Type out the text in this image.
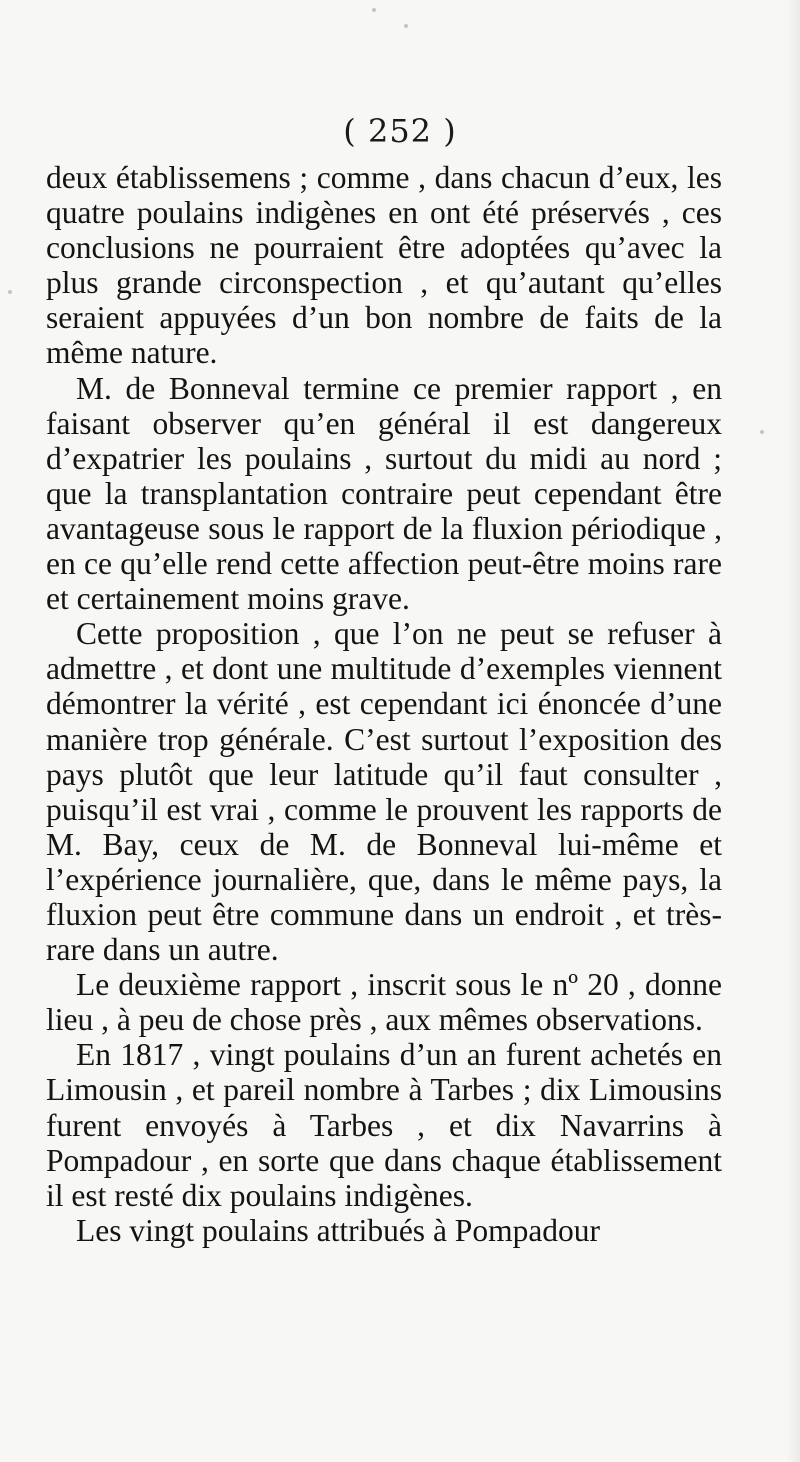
( 252 )

deux établissemens ; comme , dans chacun d’eux, les quatre poulains indigènes en ont été préservés , ces conclusions ne pourraient être adoptées qu’avec la plus grande circonspection , et qu’autant qu’elles seraient appuyées d’un bon nombre de faits de la même nature.

M. de Bonneval termine ce premier rapport , en faisant observer qu’en général il est dangereux d’expatrier les poulains , surtout du midi au nord ; que la transplantation contraire peut cependant être avantageuse sous le rapport de la fluxion périodique , en ce qu’elle rend cette affection peut-être moins rare et certainement moins grave.

Cette proposition , que l’on ne peut se refuser à admettre , et dont une multitude d’exemples viennent démontrer la vérité , est cependant ici énoncée d’une manière trop générale. C’est surtout l’exposition des pays plutôt que leur latitude qu’il faut consulter , puisqu’il est vrai , comme le prouvent les rapports de M. Bay, ceux de M. de Bonneval lui-même et l’expérience journalière, que, dans le même pays, la fluxion peut être commune dans un endroit , et très-rare dans un autre.

Le deuxième rapport , inscrit sous le nº 20 , donne lieu , à peu de chose près , aux mêmes observations.

En 1817 , vingt poulains d’un an furent achetés en Limousin , et pareil nombre à Tarbes ; dix Limousins furent envoyés à Tarbes , et dix Navarrins à Pompadour , en sorte que dans chaque établissement il est resté dix poulains indigènes.

Les vingt poulains attribués à Pompadour
